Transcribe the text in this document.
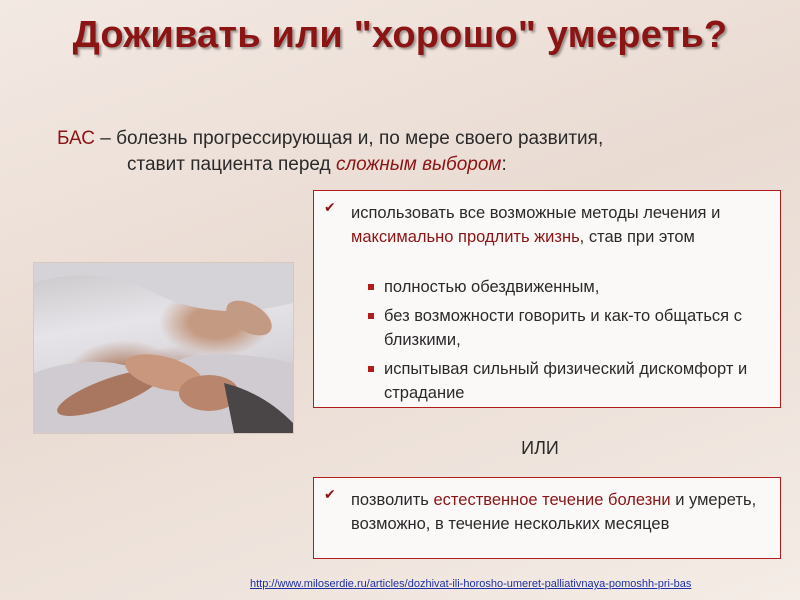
Доживать или "хорошо" умереть?
БАС – болезнь прогрессирующая и, по мере своего развития,
ставит пациента перед сложным выбором:
✔ использовать все возможные методы лечения и максимально продлить жизнь, став при этом
полностью обездвиженным,
без возможности говорить и как-то общаться с близкими,
испытывая сильный физический дискомфорт и страдание
ИЛИ
✔ позволить естественное течение болезни и умереть, возможно, в течение нескольких месяцев
http://www.miloserdie.ru/articles/dozhivat-ili-horosho-umeret-palliativnaya-pomoshh-pri-bas
